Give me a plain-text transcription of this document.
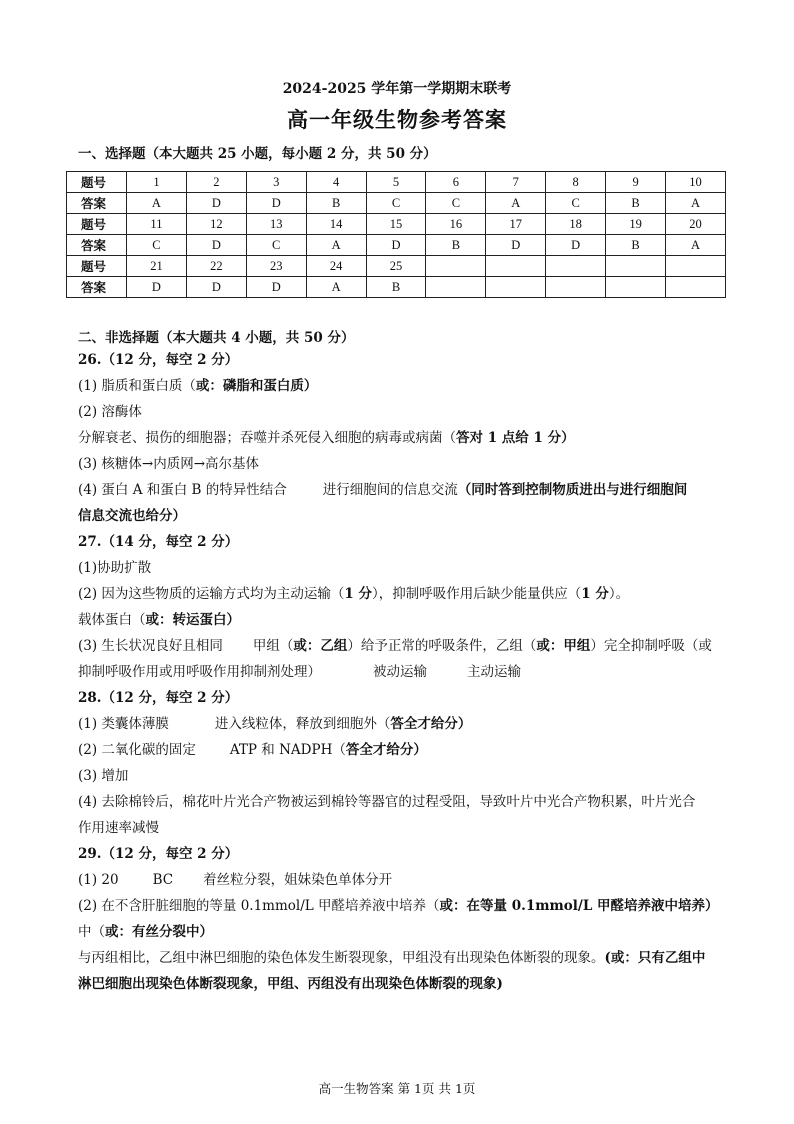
2024-2025 学年第一学期期末联考
高一年级生物参考答案
一、选择题（本大题共 25 小题，每小题 2 分，共 50 分）
题号	1	2	3	4	5	6	7	8	9	10
答案	A	D	D	B	C	C	A	C	B	A
题号	11	12	13	14	15	16	17	18	19	20
答案	C	D	C	A	D	B	D	D	B	A
题号	21	22	23	24	25					
答案	D	D	D	A	B					
二、非选择题（本大题共 4 小题，共 50 分）
26.（12 分，每空 2 分）
(1) 脂质和蛋白质（或：磷脂和蛋白质）
(2) 溶酶体
分解衰老、损伤的细胞器；吞噬并杀死侵入细胞的病毒或病菌（答对 1 点给 1 分）
(3) 核糖体→内质网→高尔基体
(4) 蛋白 A 和蛋白 B 的特异性结合	进行细胞间的信息交流（同时答到控制物质进出与进行细胞间
信息交流也给分）
27.（14 分，每空 2 分）
(1)协助扩散
(2) 因为这些物质的运输方式均为主动运输（1 分），抑制呼吸作用后缺少能量供应（1 分）。
载体蛋白（或：转运蛋白）
(3) 生长状况良好且相同 甲组（或：乙组）给予正常的呼吸条件，乙组（或：甲组）完全抑制呼吸（或
抑制呼吸作用或用呼吸作用抑制剂处理）	被动运输	主动运输
28.（12 分，每空 2 分）
(1) 类囊体薄膜	进入线粒体，释放到细胞外（答全才给分）
(2) 二氧化碳的固定	ATP 和 NADPH（答全才给分）
(3) 增加
(4) 去除棉铃后，棉花叶片光合产物被运到棉铃等器官的过程受阻，导致叶片中光合产物积累，叶片光合
作用速率减慢
29.（12 分，每空 2 分）
(1) 20	BC 着丝粒分裂，姐妹染色单体分开
(2) 在不含肝脏细胞的等量 0.1mmol/L 甲醛培养液中培养（或：在等量 0.1mmol/L 甲醛培养液中培养）
中（或：有丝分裂中）
与丙组相比，乙组中淋巴细胞的染色体发生断裂现象，甲组没有出现染色体断裂的现象。(或：只有乙组中
淋巴细胞出现染色体断裂现象，甲组、丙组没有出现染色体断裂的现象)
高一生物答案 第 1页 共 1页
